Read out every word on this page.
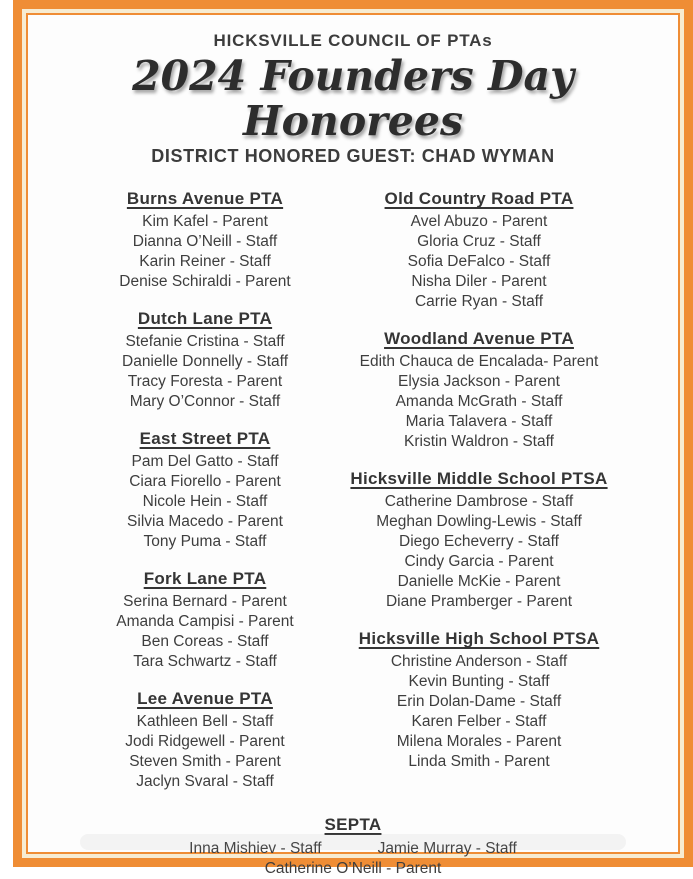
HICKSVILLE COUNCIL OF PTAs
2024 Founders Day Honorees
DISTRICT HONORED GUEST: CHAD WYMAN
Burns Avenue PTA
Kim Kafel - Parent
Dianna O’Neill - Staff
Karin Reiner - Staff
Denise Schiraldi - Parent
Dutch Lane PTA
Stefanie Cristina - Staff
Danielle Donnelly - Staff
Tracy Foresta - Parent
Mary O’Connor - Staff
East Street PTA
Pam Del Gatto - Staff
Ciara Fiorello - Parent
Nicole Hein - Staff
Silvia Macedo - Parent
Tony Puma - Staff
Fork Lane PTA
Serina Bernard - Parent
Amanda Campisi - Parent
Ben Coreas - Staff
Tara Schwartz - Staff
Lee Avenue PTA
Kathleen Bell - Staff
Jodi Ridgewell - Parent
Steven Smith - Parent
Jaclyn Svaral - Staff
Old Country Road PTA
Avel Abuzo - Parent
Gloria Cruz - Staff
Sofia DeFalco - Staff
Nisha Diler - Parent
Carrie Ryan - Staff
Woodland Avenue PTA
Edith Chauca de Encalada- Parent
Elysia Jackson - Parent
Amanda McGrath - Staff
Maria Talavera - Staff
Kristin Waldron - Staff
Hicksville Middle School PTSA
Catherine Dambrose - Staff
Meghan Dowling-Lewis - Staff
Diego Echeverry - Staff
Cindy Garcia - Parent
Danielle McKie - Parent
Diane Pramberger - Parent
Hicksville High School PTSA
Christine Anderson - Staff
Kevin Bunting - Staff
Erin Dolan-Dame - Staff
Karen Felber - Staff
Milena Morales - Parent
Linda Smith - Parent
SEPTA
Inna Mishiev - Staff	Jamie Murray - Staff
Catherine O’Neill - Parent
